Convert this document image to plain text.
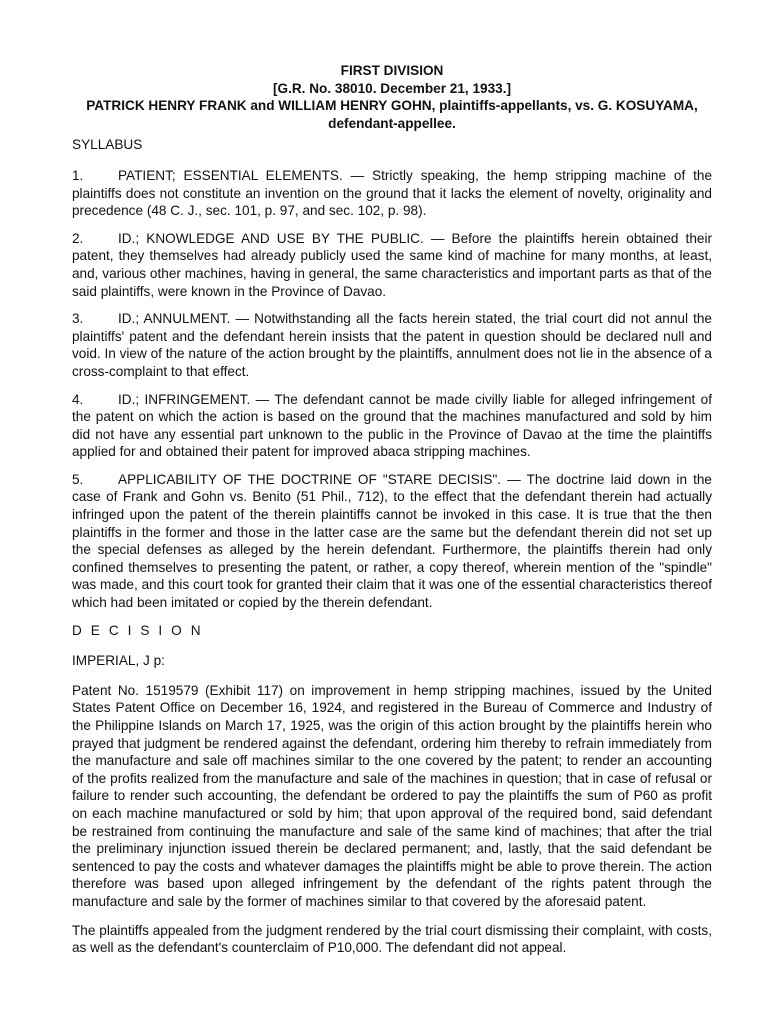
FIRST DIVISION
[G.R. No. 38010. December 21, 1933.]
PATRICK HENRY FRANK and WILLIAM HENRY GOHN, plaintiffs-appellants, vs. G. KOSUYAMA,
defendant-appellee.

SYLLABUS

1.	PATIENT; ESSENTIAL ELEMENTS. — Strictly speaking, the hemp stripping machine of the plaintiffs does not constitute an invention on the ground that it lacks the element of novelty, originality and precedence (48 C. J., sec. 101, p. 97, and sec. 102, p. 98).

2.	ID.; KNOWLEDGE AND USE BY THE PUBLIC. — Before the plaintiffs herein obtained their patent, they themselves had already publicly used the same kind of machine for many months, at least, and, various other machines, having in general, the same characteristics and important parts as that of the said plaintiffs, were known in the Province of Davao.

3.	ID.; ANNULMENT. — Notwithstanding all the facts herein stated, the trial court did not annul the plaintiffs' patent and the defendant herein insists that the patent in question should be declared null and void. In view of the nature of the action brought by the plaintiffs, annulment does not lie in the absence of a cross-complaint to that effect.

4.	ID.; INFRINGEMENT. — The defendant cannot be made civilly liable for alleged infringement of the patent on which the action is based on the ground that the machines manufactured and sold by him did not have any essential part unknown to the public in the Province of Davao at the time the plaintiffs applied for and obtained their patent for improved abaca stripping machines.

5.	APPLICABILITY OF THE DOCTRINE OF "STARE DECISIS". — The doctrine laid down in the case of Frank and Gohn vs. Benito (51 Phil., 712), to the effect that the defendant therein had actually infringed upon the patent of the therein plaintiffs cannot be invoked in this case. It is true that the then plaintiffs in the former and those in the latter case are the same but the defendant therein did not set up the special defenses as alleged by the herein defendant. Furthermore, the plaintiffs therein had only confined themselves to presenting the patent, or rather, a copy thereof, wherein mention of the "spindle" was made, and this court took for granted their claim that it was one of the essential characteristics thereof which had been imitated or copied by the therein defendant.

D E C I S I O N

IMPERIAL, J p:

Patent No. 1519579 (Exhibit 117) on improvement in hemp stripping machines, issued by the United States Patent Office on December 16, 1924, and registered in the Bureau of Commerce and Industry of the Philippine Islands on March 17, 1925, was the origin of this action brought by the plaintiffs herein who prayed that judgment be rendered against the defendant, ordering him thereby to refrain immediately from the manufacture and sale off machines similar to the one covered by the patent; to render an accounting of the profits realized from the manufacture and sale of the machines in question; that in case of refusal or failure to render such accounting, the defendant be ordered to pay the plaintiffs the sum of P60 as profit on each machine manufactured or sold by him; that upon approval of the required bond, said defendant be restrained from continuing the manufacture and sale of the same kind of machines; that after the trial the preliminary injunction issued therein be declared permanent; and, lastly, that the said defendant be sentenced to pay the costs and whatever damages the plaintiffs might be able to prove therein. The action therefore was based upon alleged infringement by the defendant of the rights patent through the manufacture and sale by the former of machines similar to that covered by the aforesaid patent.

The plaintiffs appealed from the judgment rendered by the trial court dismissing their complaint, with costs, as well as the defendant's counterclaim of P10,000. The defendant did not appeal.
